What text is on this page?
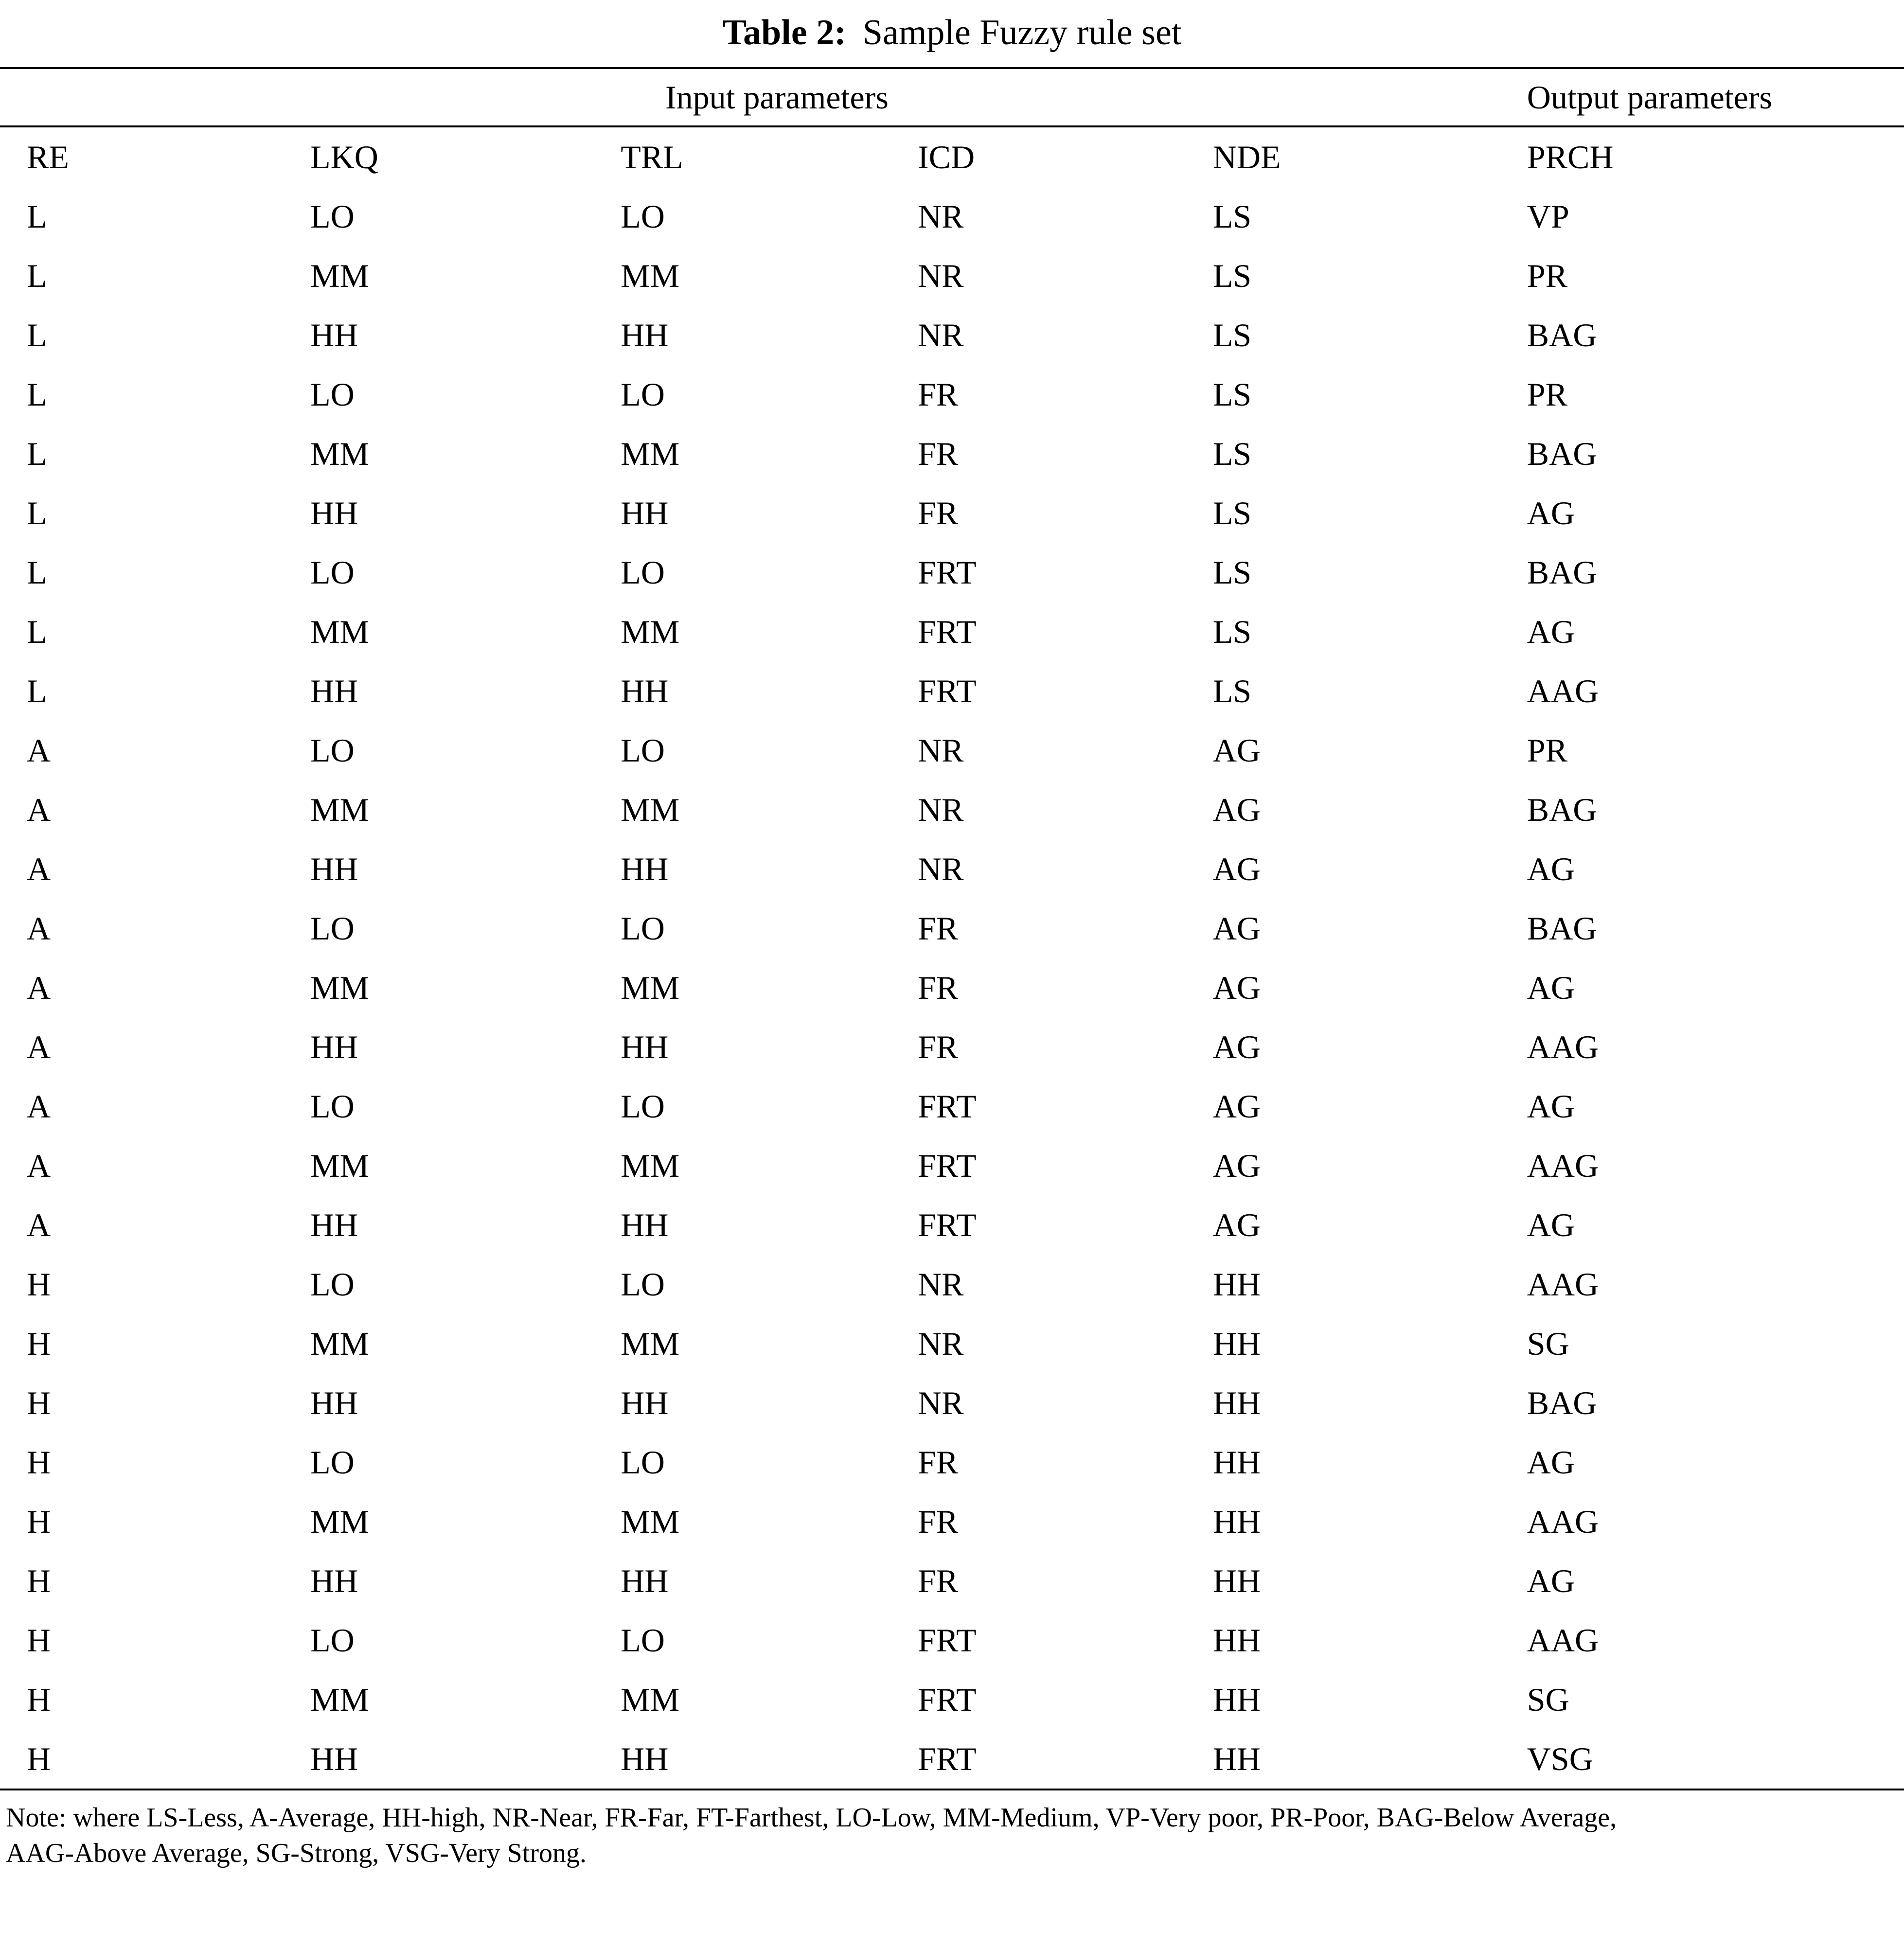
Table 2: Sample Fuzzy rule set
Input parameters					Output parameters
RE	LKQ	TRL	ICD	NDE	PRCH
L	LO	LO	NR	LS	VP
L	MM	MM	NR	LS	PR
L	HH	HH	NR	LS	BAG
L	LO	LO	FR	LS	PR
L	MM	MM	FR	LS	BAG
L	HH	HH	FR	LS	AG
L	LO	LO	FRT	LS	BAG
L	MM	MM	FRT	LS	AG
L	HH	HH	FRT	LS	AAG
A	LO	LO	NR	AG	PR
A	MM	MM	NR	AG	BAG
A	HH	HH	NR	AG	AG
A	LO	LO	FR	AG	BAG
A	MM	MM	FR	AG	AG
A	HH	HH	FR	AG	AAG
A	LO	LO	FRT	AG	AG
A	MM	MM	FRT	AG	AAG
A	HH	HH	FRT	AG	AG
H	LO	LO	NR	HH	AAG
H	MM	MM	NR	HH	SG
H	HH	HH	NR	HH	BAG
H	LO	LO	FR	HH	AG
H	MM	MM	FR	HH	AAG
H	HH	HH	FR	HH	AG
H	LO	LO	FRT	HH	AAG
H	MM	MM	FRT	HH	SG
H	HH	HH	FRT	HH	VSG
Note: where LS-Less, A-Average, HH-high, NR-Near, FR-Far, FT-Farthest, LO-Low, MM-Medium, VP-Very poor, PR-Poor, BAG-Below Average,
AAG-Above Average, SG-Strong, VSG-Very Strong.
